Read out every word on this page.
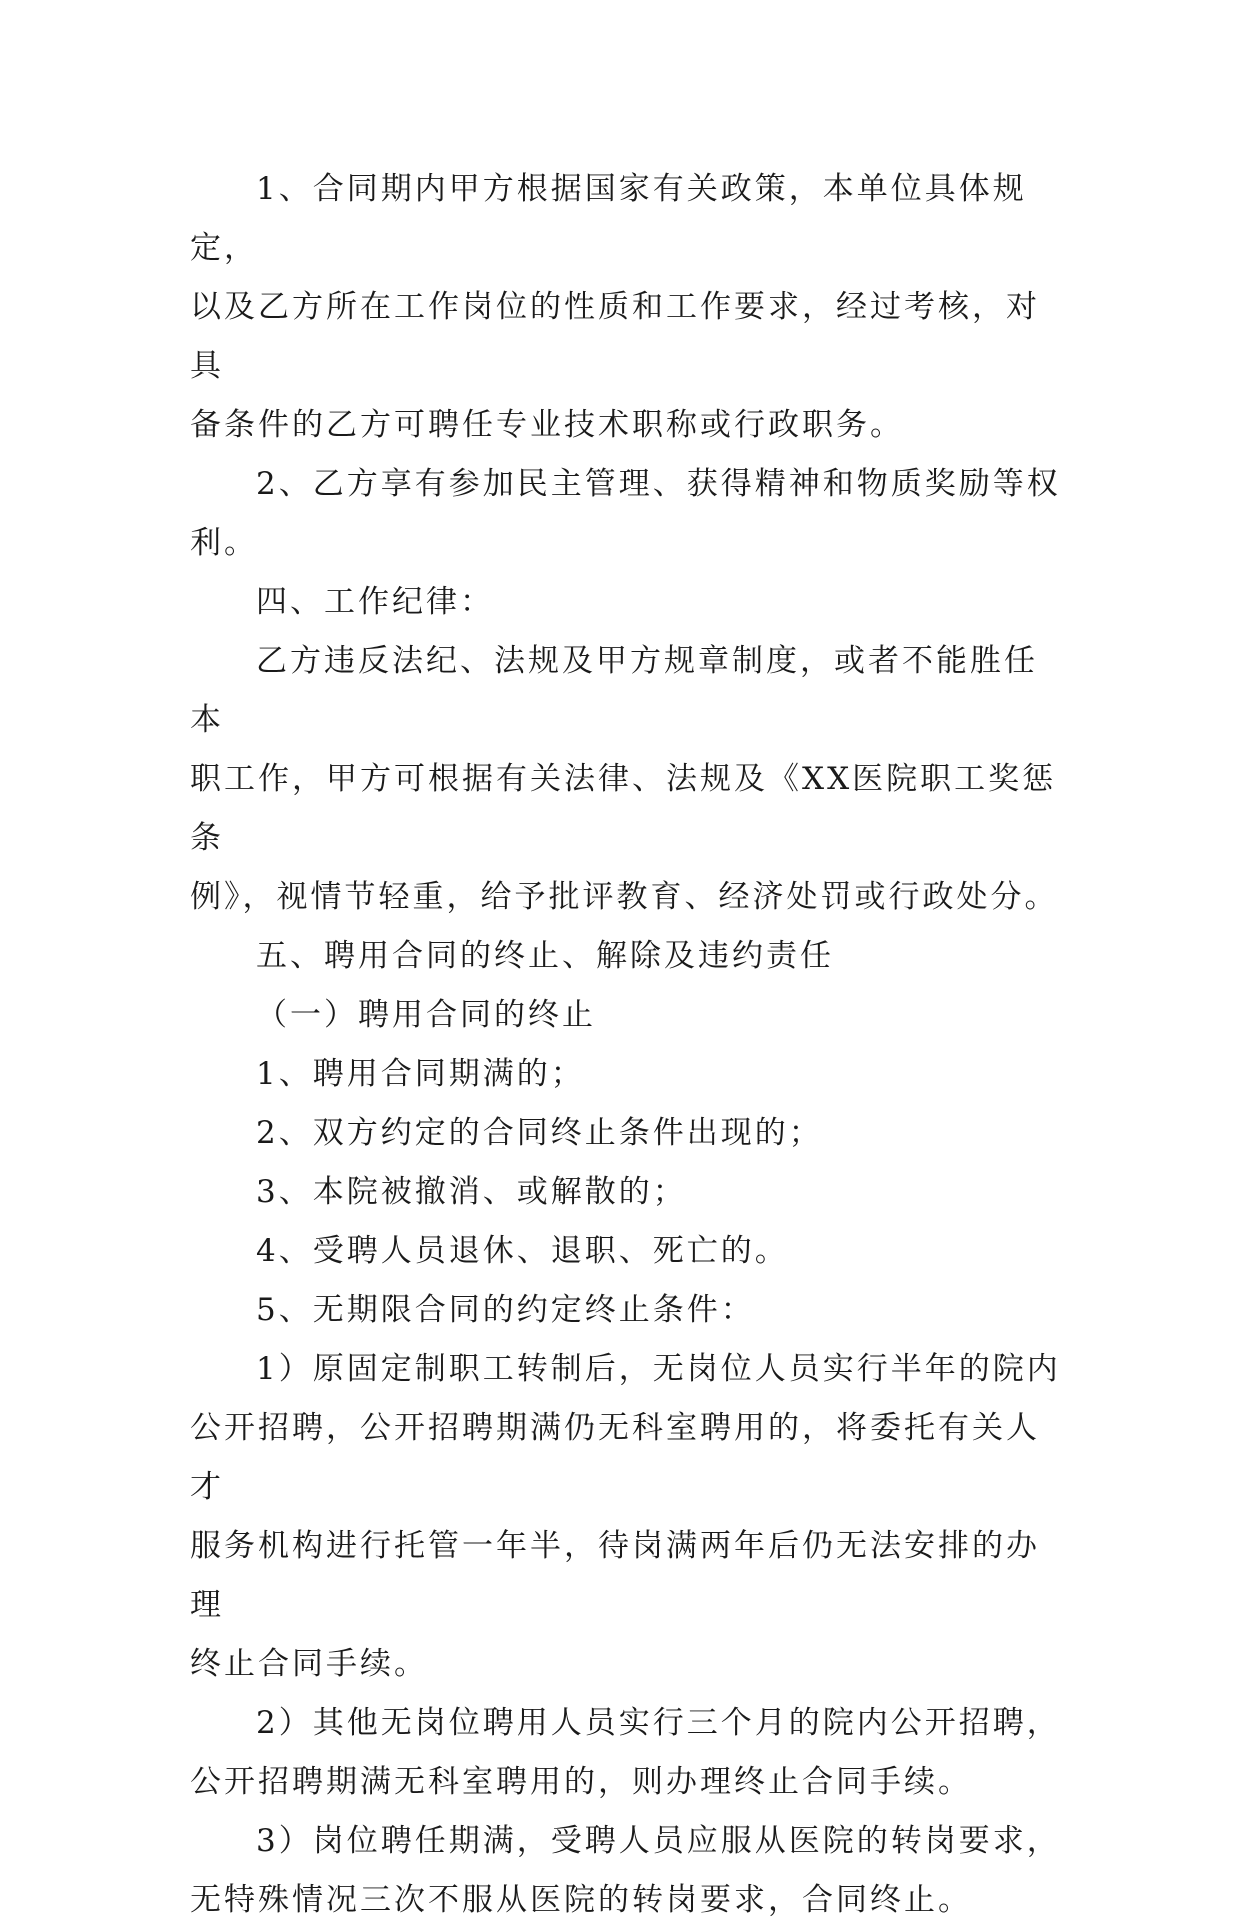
1、合同期内甲方根据国家有关政策，本单位具体规定，
以及乙方所在工作岗位的性质和工作要求，经过考核，对具
备条件的乙方可聘任专业技术职称或行政职务。

2、乙方享有参加民主管理、获得精神和物质奖励等权
利。

四、工作纪律：

乙方违反法纪、法规及甲方规章制度，或者不能胜任本
职工作，甲方可根据有关法律、法规及《XX医院职工奖惩条
例》，视情节轻重，给予批评教育、经济处罚或行政处分。

五、聘用合同的终止、解除及违约责任

（一）聘用合同的终止

1、聘用合同期满的；

2、双方约定的合同终止条件出现的；

3、本院被撤消、或解散的；

4、受聘人员退休、退职、死亡的。

5、无期限合同的约定终止条件：

1）原固定制职工转制后，无岗位人员实行半年的院内
公开招聘，公开招聘期满仍无科室聘用的，将委托有关人才
服务机构进行托管一年半，待岗满两年后仍无法安排的办理
终止合同手续。

2）其他无岗位聘用人员实行三个月的院内公开招聘，
公开招聘期满无科室聘用的，则办理终止合同手续。

3）岗位聘任期满，受聘人员应服从医院的转岗要求，
无特殊情况三次不服从医院的转岗要求，合同终止。
